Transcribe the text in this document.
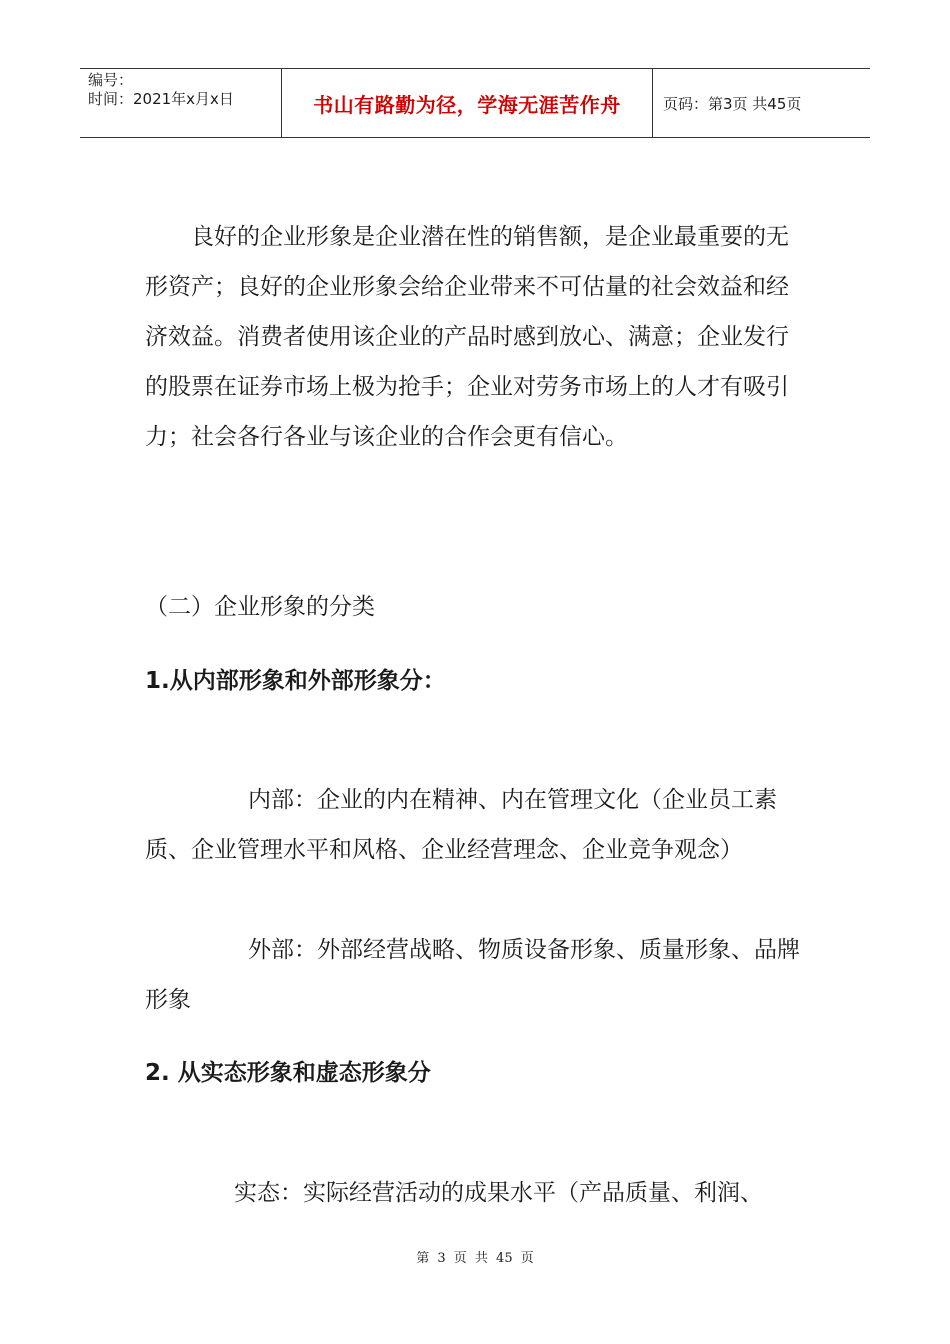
编号：
时间：2021年x月x日	书山有路勤为径，学海无涯苦作舟	页码：第3页 共45页

良好的企业形象是企业潜在性的销售额，是企业最重要的无形资产；良好的企业形象会给企业带来不可估量的社会效益和经济效益。消费者使用该企业的产品时感到放心、满意；企业发行的股票在证券市场上极为抢手；企业对劳务市场上的人才有吸引力；社会各行各业与该企业的合作会更有信心。

（二）企业形象的分类

1.从内部形象和外部形象分：

内部：企业的内在精神、内在管理文化（企业员工素质、企业管理水平和风格、企业经营理念、企业竞争观念）

外部：外部经营战略、物质设备形象、质量形象、品牌形象

2. 从实态形象和虚态形象分

实态：实际经营活动的成果水平（产品质量、利润、

第 3 页 共 45 页
